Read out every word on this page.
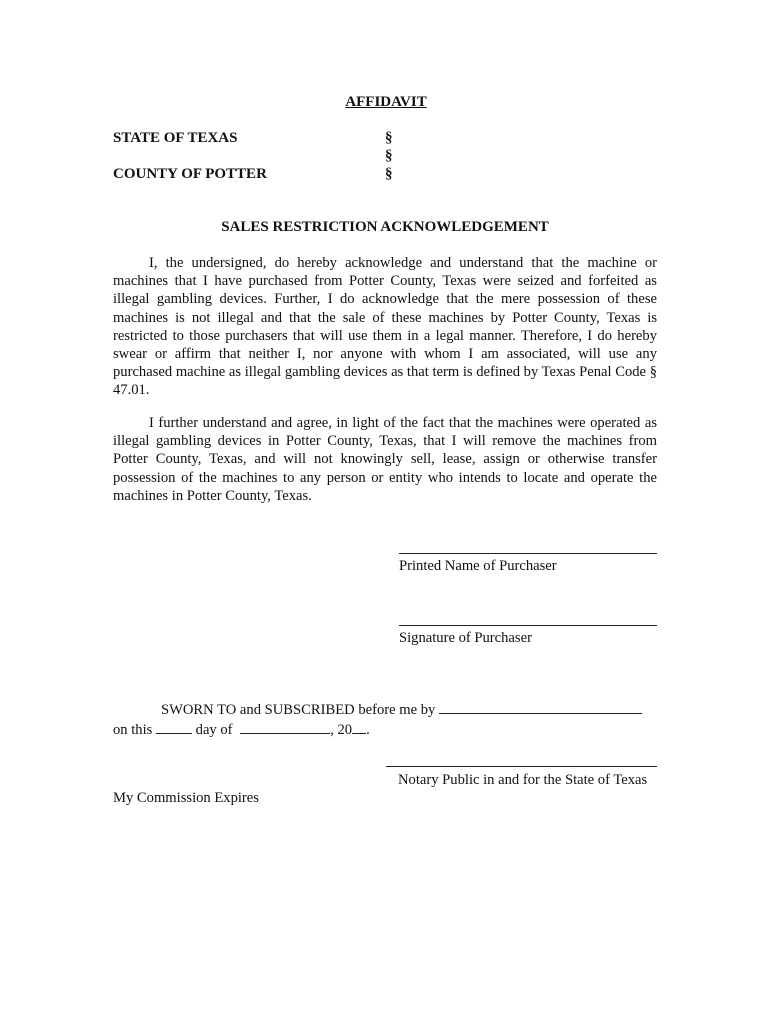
AFFIDAVIT
STATE OF TEXAS
COUNTY OF POTTER
§
§
§
SALES RESTRICTION ACKNOWLEDGEMENT
I, the undersigned, do hereby acknowledge and understand that the machine or machines that I have purchased from Potter County, Texas were seized and forfeited as illegal gambling devices. Further, I do acknowledge that the mere possession of these machines is not illegal and that the sale of these machines by Potter County, Texas is restricted to those purchasers that will use them in a legal manner. Therefore, I do hereby swear or affirm that neither I, nor anyone with whom I am associated, will use any purchased machine as illegal gambling devices as that term is defined by Texas Penal Code § 47.01.
I further understand and agree, in light of the fact that the machines were operated as illegal gambling devices in Potter County, Texas, that I will remove the machines from Potter County, Texas, and will not knowingly sell, lease, assign or otherwise transfer possession of the machines to any person or entity who intends to locate and operate the machines in Potter County, Texas.
Printed Name of Purchaser
Signature of Purchaser
SWORN TO and SUBSCRIBED before me by
on this	day of	, 20 .
Notary Public in and for the State of Texas
My Commission Expires
